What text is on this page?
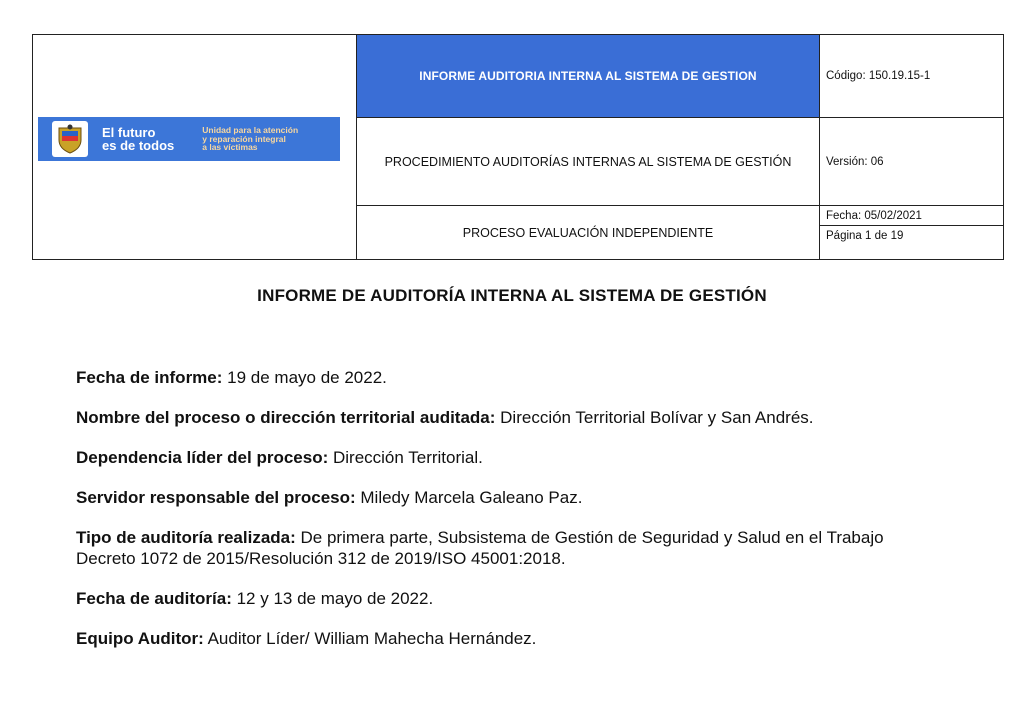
El futuro
es de todos
Unidad para la atención
y reparación integral
a las víctimas	INFORME AUDITORIA INTERNA AL SISTEMA DE GESTION	Código: 150.19.15-1
	PROCEDIMIENTO AUDITORÍAS INTERNAS AL SISTEMA DE GESTIÓN	Versión: 06
	PROCESO EVALUACIÓN INDEPENDIENTE	Fecha: 05/02/2021
		Página 1 de 19
INFORME DE AUDITORÍA INTERNA AL SISTEMA DE GESTIÓN

Fecha de informe: 19 de mayo de 2022.

Nombre del proceso o dirección territorial auditada: Dirección Territorial Bolívar y San Andrés.

Dependencia líder del proceso: Dirección Territorial.

Servidor responsable del proceso: Miledy Marcela Galeano Paz.

Tipo de auditoría realizada: De primera parte, Subsistema de Gestión de Seguridad y Salud en el Trabajo Decreto 1072 de 2015/Resolución 312 de 2019/ISO 45001:2018.

Fecha de auditoría: 12 y 13 de mayo de 2022.

Equipo Auditor: Auditor Líder/ William Mahecha Hernández.
